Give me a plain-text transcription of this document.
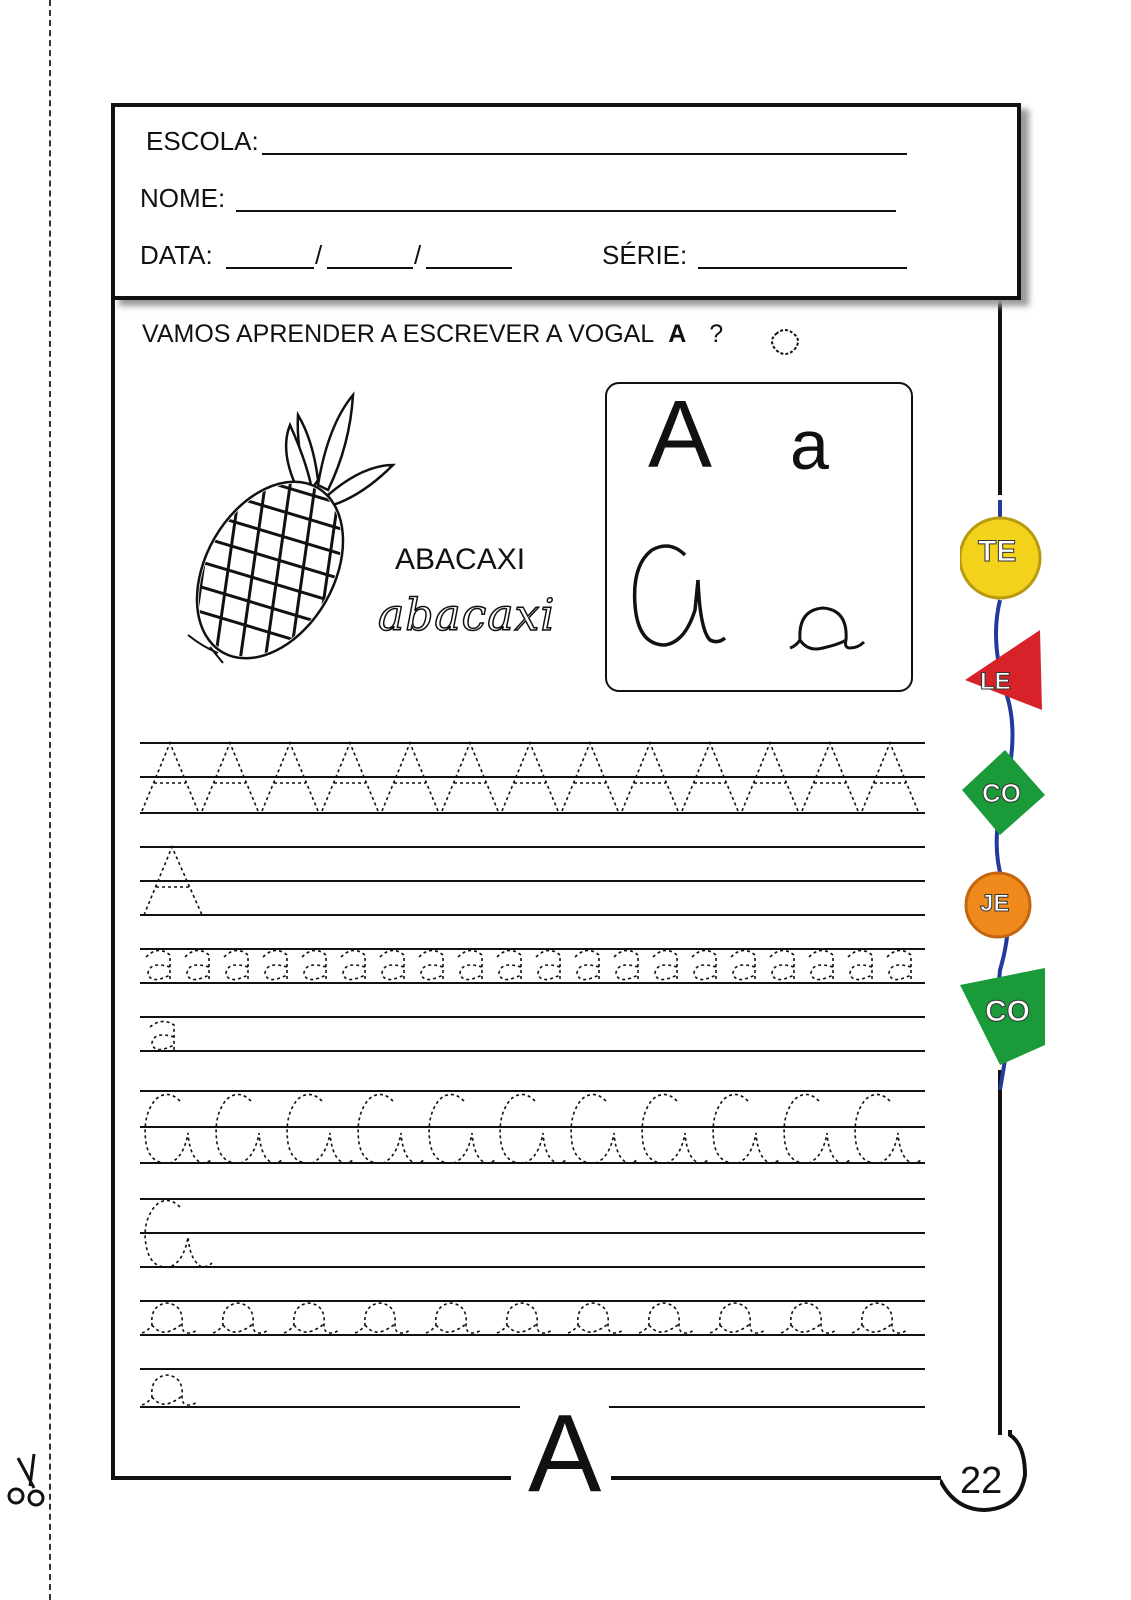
ESCOLA:
NOME:
DATA:	/	/	SÉRIE:
VAMOS APRENDER A ESCREVER A VOGAL A ?
ABACAXI
abacaxi
A a
TE
LE
CO
JE
CO
A	22
